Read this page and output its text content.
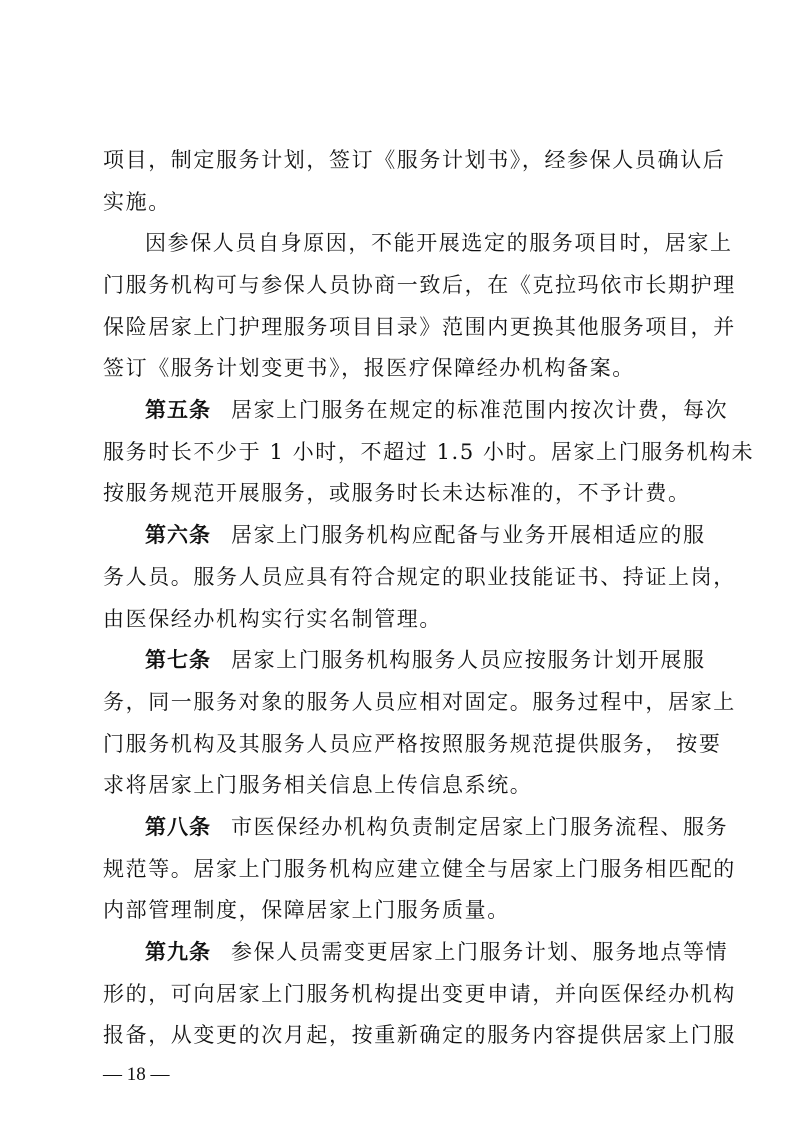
项目，制定服务计划，签订《服务计划书》，经参保人员确认后
实施。
因参保人员自身原因，不能开展选定的服务项目时，居家上
门服务机构可与参保人员协商一致后，在《克拉玛依市长期护理
保险居家上门护理服务项目目录》范围内更换其他服务项目，并
签订《服务计划变更书》，报医疗保障经办机构备案。
第五条 居家上门服务在规定的标准范围内按次计费，每次
服务时长不少于 1 小时，不超过 1.5 小时。居家上门服务机构未
按服务规范开展服务，或服务时长未达标准的，不予计费。
第六条 居家上门服务机构应配备与业务开展相适应的服
务人员。服务人员应具有符合规定的职业技能证书、持证上岗，
由医保经办机构实行实名制管理。
第七条 居家上门服务机构服务人员应按服务计划开展服
务，同一服务对象的服务人员应相对固定。服务过程中，居家上
门服务机构及其服务人员应严格按照服务规范提供服务， 按要
求将居家上门服务相关信息上传信息系统。
第八条 市医保经办机构负责制定居家上门服务流程、服务
规范等。居家上门服务机构应建立健全与居家上门服务相匹配的
内部管理制度，保障居家上门服务质量。
第九条 参保人员需变更居家上门服务计划、服务地点等情
形的，可向居家上门服务机构提出变更申请，并向医保经办机构
报备，从变更的次月起，按重新确定的服务内容提供居家上门服
— 18 —
